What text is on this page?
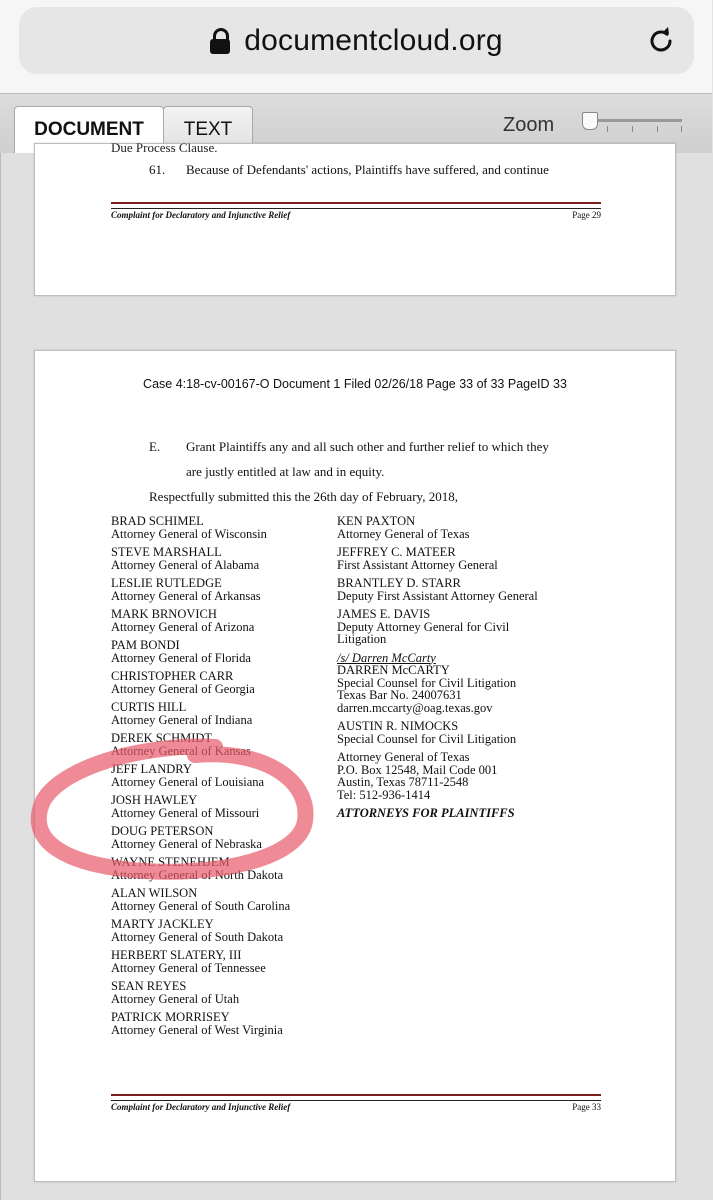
documentcloud.org
DOCUMENT	TEXT	Zoom
Due Process Clause.
61. Because of Defendants' actions, Plaintiffs have suffered, and continue
Complaint for Declaratory and Injunctive Relief	Page 29
Case 4:18-cv-00167-O Document 1 Filed 02/26/18 Page 33 of 33 PageID 33
E. Grant Plaintiffs any and all such other and further relief to which they
are justly entitled at law and in equity.
Respectfully submitted this the 26th day of February, 2018,
BRAD SCHIMEL
Attorney General of Wisconsin
STEVE MARSHALL
Attorney General of Alabama
LESLIE RUTLEDGE
Attorney General of Arkansas
MARK BRNOVICH
Attorney General of Arizona
PAM BONDI
Attorney General of Florida
CHRISTOPHER CARR
Attorney General of Georgia
CURTIS HILL
Attorney General of Indiana
DEREK SCHMIDT
Attorney General of Kansas
JEFF LANDRY
Attorney General of Louisiana
JOSH HAWLEY
Attorney General of Missouri
DOUG PETERSON
Attorney General of Nebraska
WAYNE STENEHJEM
Attorney General of North Dakota
ALAN WILSON
Attorney General of South Carolina
MARTY JACKLEY
Attorney General of South Dakota
HERBERT SLATERY, III
Attorney General of Tennessee
SEAN REYES
Attorney General of Utah
PATRICK MORRISEY
Attorney General of West Virginia
KEN PAXTON
Attorney General of Texas
JEFFREY C. MATEER
First Assistant Attorney General
BRANTLEY D. STARR
Deputy First Assistant Attorney General
JAMES E. DAVIS
Deputy Attorney General for Civil
Litigation
/s/ Darren McCarty
DARREN McCARTY
Special Counsel for Civil Litigation
Texas Bar No. 24007631
darren.mccarty@oag.texas.gov
AUSTIN R. NIMOCKS
Special Counsel for Civil Litigation
Attorney General of Texas
P.O. Box 12548, Mail Code 001
Austin, Texas 78711-2548
Tel: 512-936-1414
ATTORNEYS FOR PLAINTIFFS
Complaint for Declaratory and Injunctive Relief	Page 33
